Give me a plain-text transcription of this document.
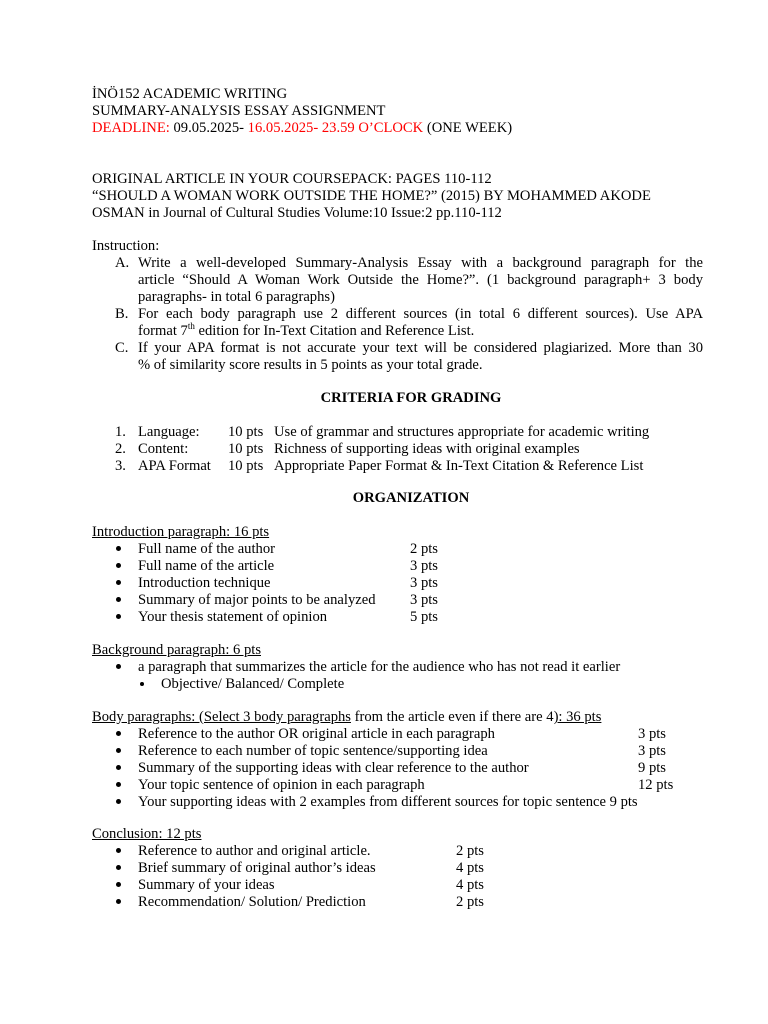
İNÖ152 ACADEMIC WRITING
SUMMARY-ANALYSIS ESSAY ASSIGNMENT
DEADLINE: 09.05.2025- 16.05.2025- 23.59 O’CLOCK (ONE WEEK)
ORIGINAL ARTICLE IN YOUR COURSEPACK: PAGES 110-112
“SHOULD A WOMAN WORK OUTSIDE THE HOME?” (2015) BY MOHAMMED AKODE
OSMAN in Journal of Cultural Studies Volume:10 Issue:2 pp.110-112
Instruction:
A. Write a well-developed Summary-Analysis Essay with a background paragraph for the
article “Should A Woman Work Outside the Home?”. (1 background paragraph+ 3 body
paragraphs- in total 6 paragraphs)
B. For each body paragraph use 2 different sources (in total 6 different sources). Use APA
format 7th edition for In-Text Citation and Reference List.
C. If your APA format is not accurate your text will be considered plagiarized. More than 30
% of similarity score results in 5 points as your total grade.
CRITERIA FOR GRADING
1. Language: 10 pts Use of grammar and structures appropriate for academic writing
2. Content:	10 pts Richness of supporting ideas with original examples
3. APA Format 10 pts Appropriate Paper Format & In-Text Citation & Reference List
ORGANIZATION
Introduction paragraph: 16 pts
Full name of the author	2 pts
Full name of the article	3 pts
Introduction technique	3 pts
Summary of major points to be analyzed 3 pts
Your thesis statement of opinion	5 pts
Background paragraph: 6 pts
a paragraph that summarizes the article for the audience who has not read it earlier
Objective/ Balanced/ Complete
Body paragraphs: (Select 3 body paragraphs from the article even if there are 4): 36 pts
Reference to the author OR original article in each paragraph	3 pts
Reference to each number of topic sentence/supporting idea	3 pts
Summary of the supporting ideas with clear reference to the author	9 pts
Your topic sentence of opinion in each paragraph	12 pts
Your supporting ideas with 2 examples from different sources for topic sentence 9 pts
Conclusion: 12 pts
Reference to author and original article.	2 pts
Brief summary of original author’s ideas	4 pts
Summary of your ideas	4 pts
Recommendation/ Solution/ Prediction	2 pts
